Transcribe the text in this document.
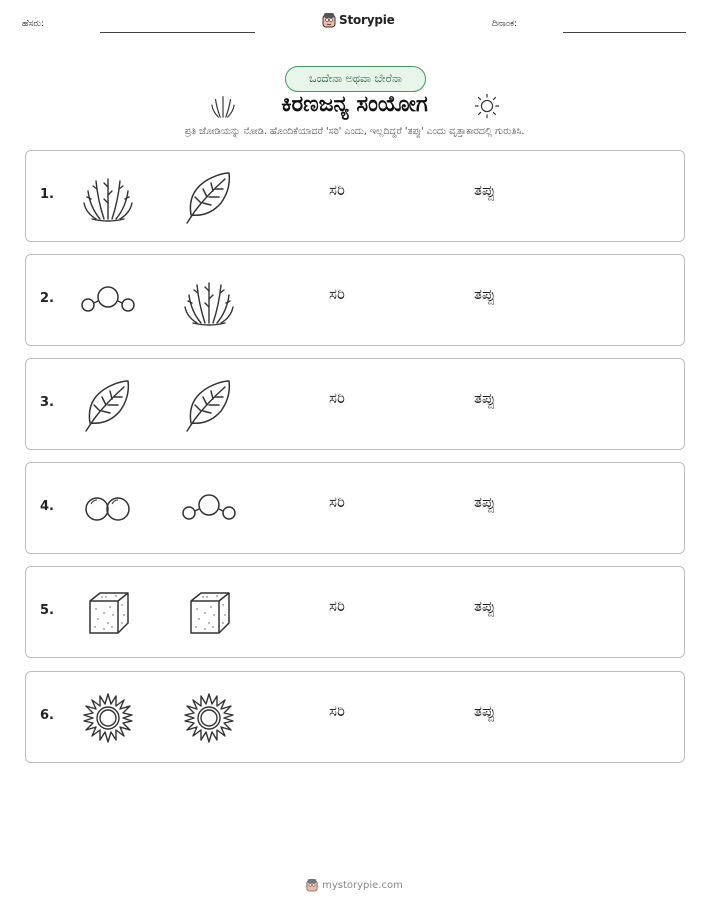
ಹೆಸರು:	Storypie	ದಿನಾಂಕ:
ಒಂದೇನಾ ಅಥವಾ ಬೇರೆನಾ
ಕಿರಣಜನ್ಯ ಸಂಯೋಗ
ಪ್ರತಿ ಜೋಡಿಯನ್ನು ನೋಡಿ. ಹೊಂದಿಕೆಯಾದರೆ 'ಸರಿ' ಎಂದು, ಇಲ್ಲದಿದ್ದರೆ 'ತಪ್ಪು' ಎಂದು ವೃತ್ತಾಕಾರದಲ್ಲಿ ಗುರುತಿಸಿ.
1.	ಸರಿ	ತಪ್ಪು
2.	ಸರಿ	ತಪ್ಪು
3.	ಸರಿ	ತಪ್ಪು
4.	ಸರಿ	ತಪ್ಪು
5.	ಸರಿ	ತಪ್ಪು
6.	ಸರಿ	ತಪ್ಪು
mystorypie.com
